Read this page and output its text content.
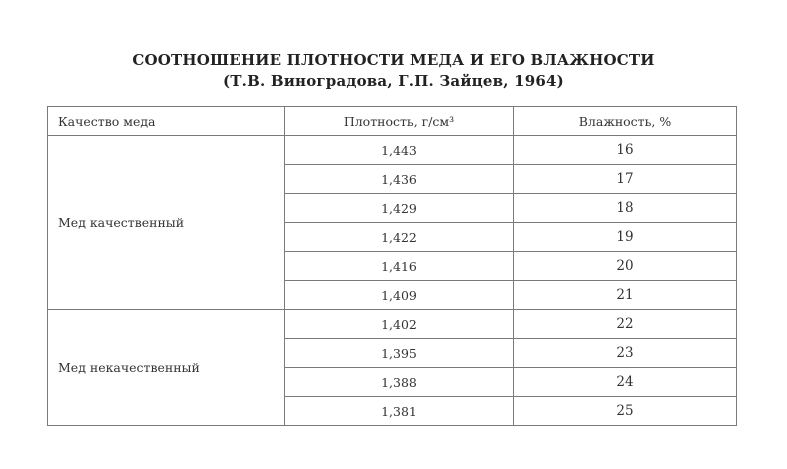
СООТНОШЕНИЕ ПЛОТНОСТИ МЕДА И ЕГО ВЛАЖНОСТИ
(Т.В. Виноградова, Г.П. Зайцев, 1964)
Качество меда	Плотность, г/см³	Влажность, %
Мед качественный	1,443	16
	1,436	17
	1,429	18
	1,422	19
	1,416	20
	1,409	21
Мед некачественный	1,402	22
	1,395	23
	1,388	24
	1,381	25
